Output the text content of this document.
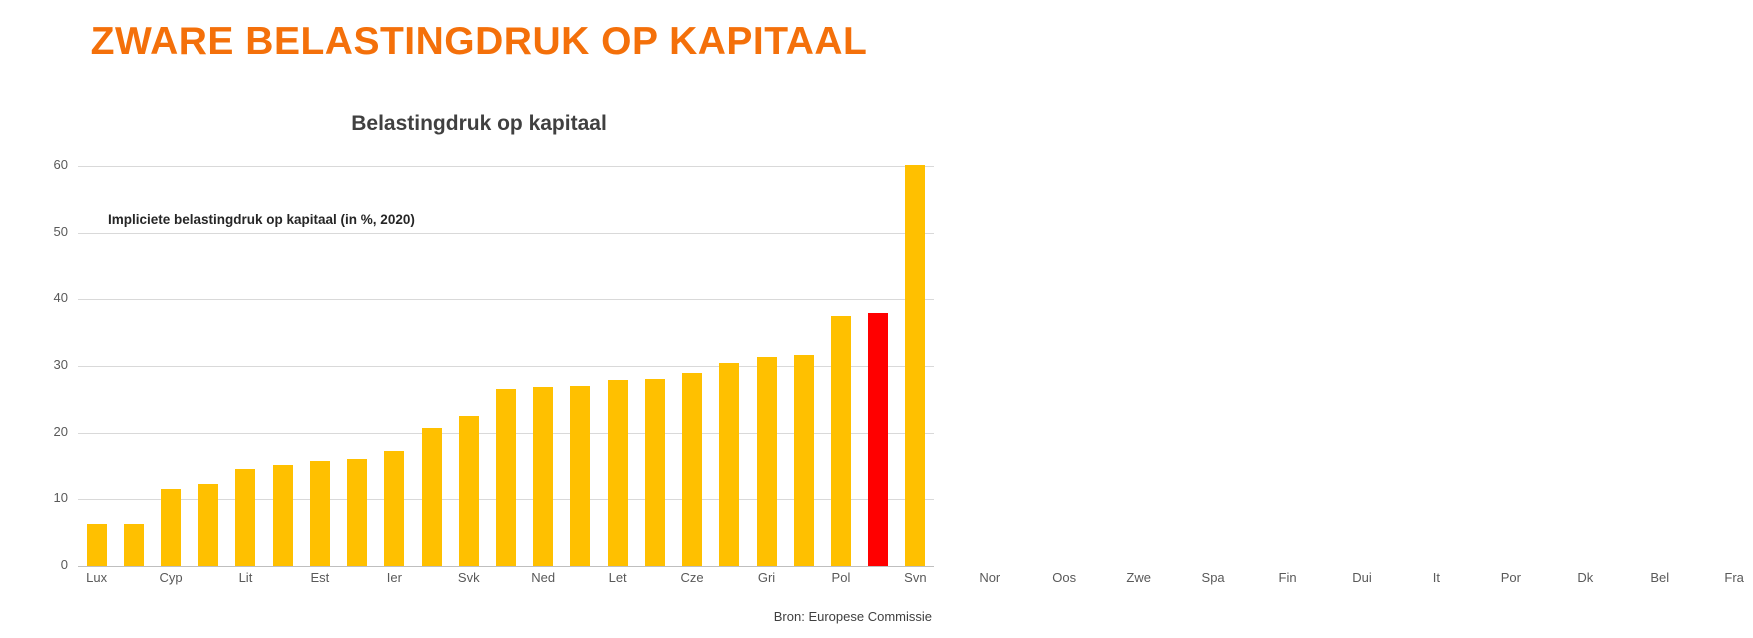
ZWARE BELASTINGDRUK OP KAPITAAL
Belastingdruk op kapitaal
0
10
20
30
40
50
60
Impliciete belastingdruk op kapitaal (in %, 2020)
Lux	Cyp	Lit	Est	Ier	Svk	Ned	Let	Cze	Gri	Pol	Svn	Nor	Oos	Zwe	Spa	Fin	Dui	It	Por	Dk	Bel	Fra
Bron: Europese Commissie
